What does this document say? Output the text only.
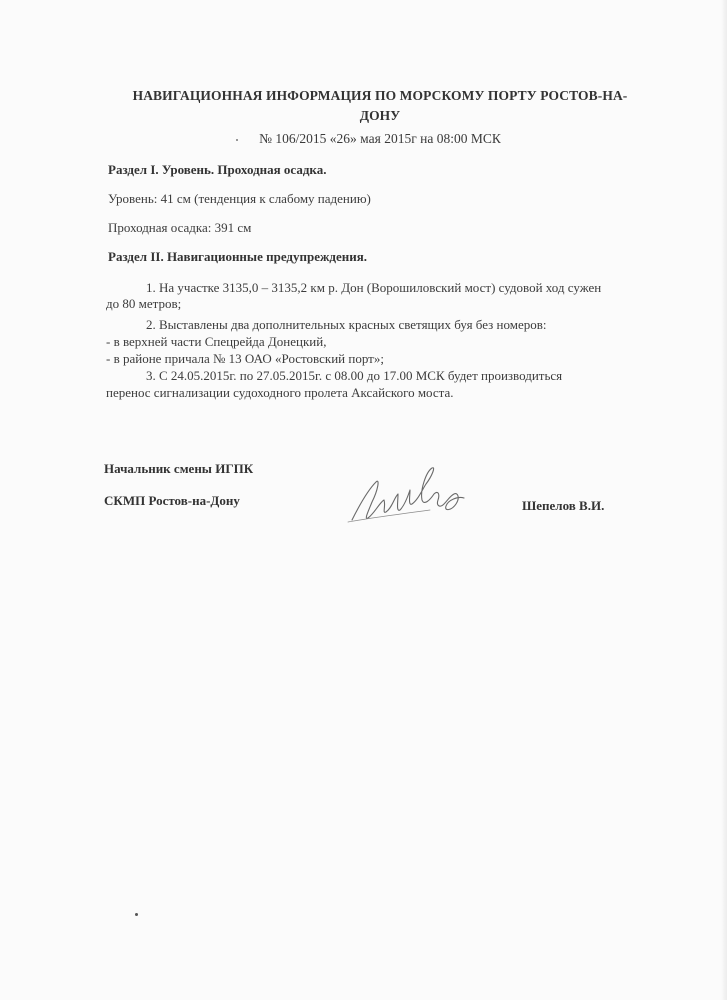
НАВИГАЦИОННАЯ ИНФОРМАЦИЯ ПО МОРСКОМУ ПОРТУ РОСТОВ-НА-
ДОНУ
№ 106/2015 «26» мая 2015г на 08:00 МСК
Раздел I. Уровень. Проходная осадка.
Уровень: 41 см (тенденция к слабому падению)
Проходная осадка: 391 см
Раздел II. Навигационные предупреждения.
1. На участке 3135,0 – 3135,2 км р. Дон (Ворошиловский мост) судовой ход сужен
до 80 метров;
2. Выставлены два дополнительных красных светящих буя без номеров:
- в верхней части Спецрейда Донецкий,
- в районе причала № 13 ОАО «Ростовский порт»;
3. С 24.05.2015г. по 27.05.2015г. с 08.00 до 17.00 МСК будет производиться
перенос сигнализации судоходного пролета Аксайского моста.
Начальник смены ИГПК
СКМП Ростов-на-Дону	Шепелов В.И.
